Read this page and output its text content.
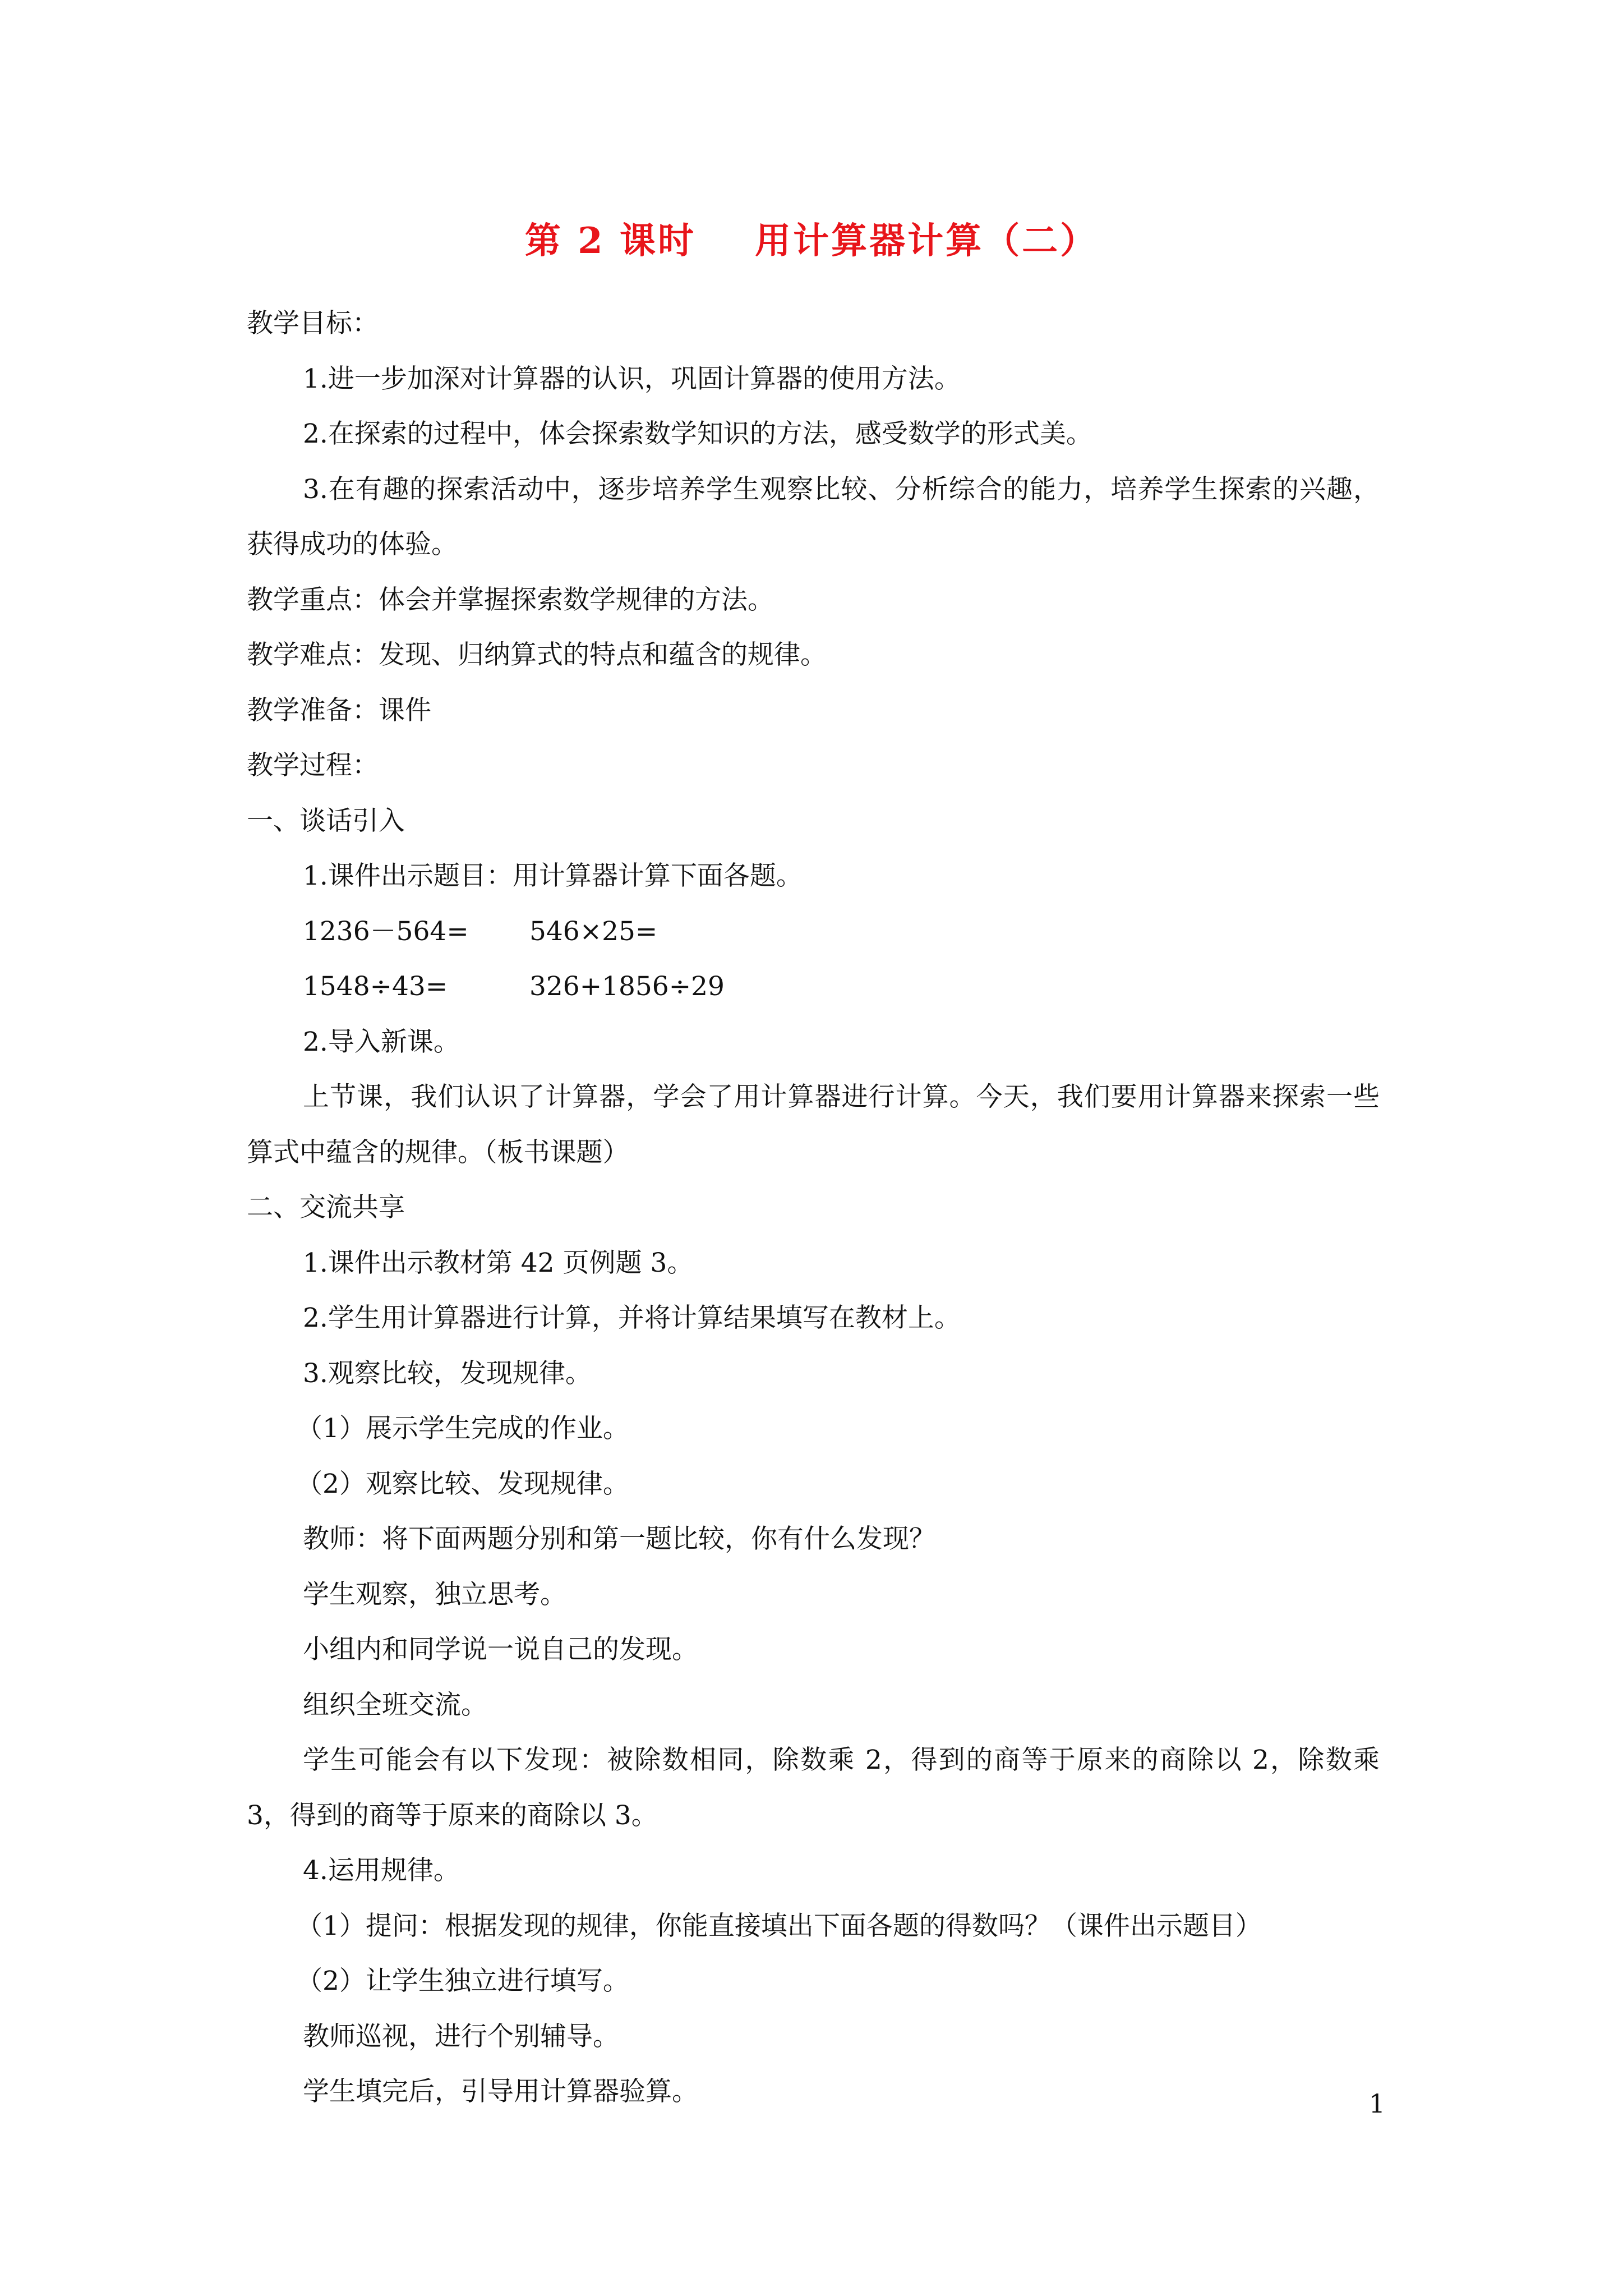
第 2 课时    用计算器计算（二）

教学目标：

1.进一步加深对计算器的认识，巩固计算器的使用方法。

2.在探索的过程中，体会探索数学知识的方法，感受数学的形式美。

3.在有趣的探索活动中，逐步培养学生观察比较、分析综合的能力，培养学生探索的兴趣，获得成功的体验。

教学重点：体会并掌握探索数学规律的方法。

教学难点：发现、归纳算式的特点和蕴含的规律。

教学准备：课件

教学过程：

一、谈话引入

1.课件出示题目：用计算器计算下面各题。

1236－564=	546×25=
1548÷43=	326+1856÷29

2.导入新课。

上节课，我们认识了计算器，学会了用计算器进行计算。今天，我们要用计算器来探索一些算式中蕴含的规律。（板书课题）

二、交流共享

1.课件出示教材第 42 页例题 3。

2.学生用计算器进行计算，并将计算结果填写在教材上。

3.观察比较，发现规律。

（1）展示学生完成的作业。

（2）观察比较、发现规律。

教师：将下面两题分别和第一题比较，你有什么发现？

学生观察，独立思考。

小组内和同学说一说自己的发现。

组织全班交流。

学生可能会有以下发现：被除数相同，除数乘 2，得到的商等于原来的商除以 2，除数乘 3，得到的商等于原来的商除以 3。

4.运用规律。

（1）提问：根据发现的规律，你能直接填出下面各题的得数吗？（课件出示题目）

（2）让学生独立进行填写。

教师巡视，进行个别辅导。

学生填完后，引导用计算器验算。	1
